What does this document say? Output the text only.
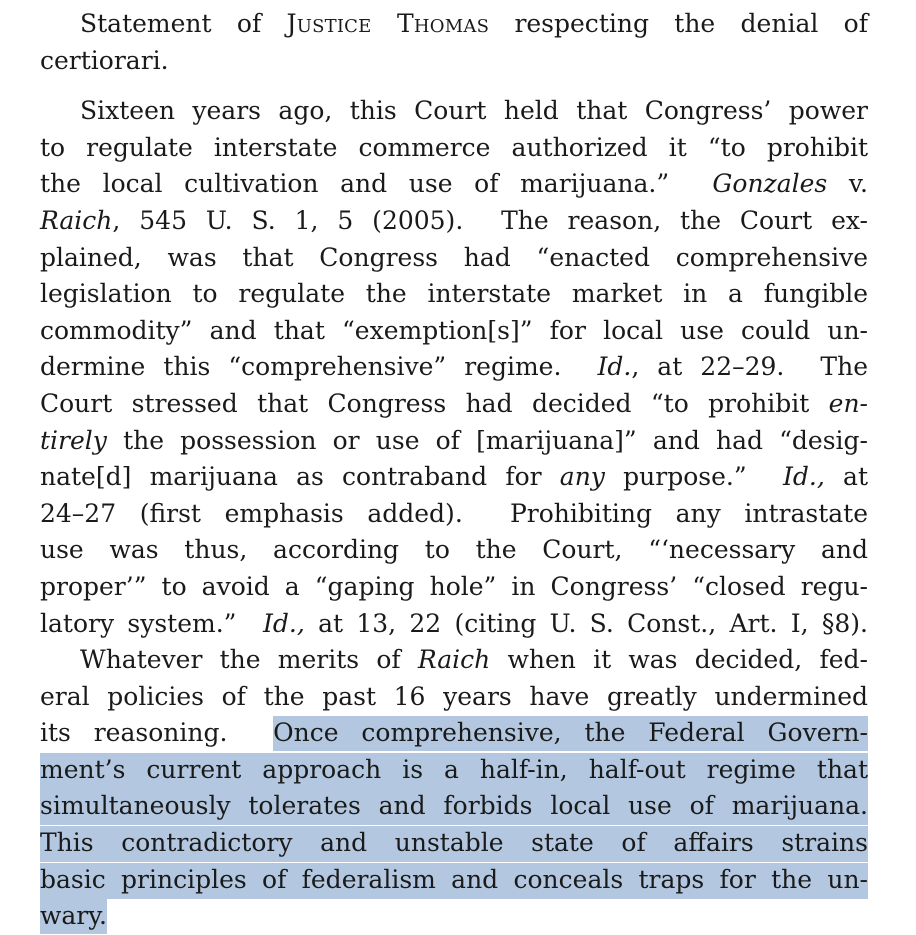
Statement of Justice Thomas respecting the denial of
certiorari.
Sixteen years ago, this Court held that Congress’ power
to regulate interstate commerce authorized it “to prohibit
the local cultivation and use of marijuana.”  Gonzales v.
Raich, 545 U. S. 1, 5 (2005).  The reason, the Court ex-
plained, was that Congress had “enacted comprehensive
legislation to regulate the interstate market in a fungible
commodity” and that “exemption[s]” for local use could un-
dermine this “comprehensive” regime.  Id., at 22–29.  The
Court stressed that Congress had decided “to prohibit en-
tirely the possession or use of [marijuana]” and had “desig-
nate[d] marijuana as contraband for any purpose.”  Id., at
24–27 (first emphasis added).  Prohibiting any intrastate
use was thus, according to the Court, “‘necessary and
proper’” to avoid a “gaping hole” in Congress’ “closed regu-
latory system.”  Id., at 13, 22 (citing U. S. Const., Art. I, §8).
Whatever the merits of Raich when it was decided, fed-
eral policies of the past 16 years have greatly undermined
its reasoning.  Once comprehensive, the Federal Govern-
ment’s current approach is a half-in, half-out regime that
simultaneously tolerates and forbids local use of marijuana.
This contradictory and unstable state of affairs strains
basic principles of federalism and conceals traps for the un-
wary.
